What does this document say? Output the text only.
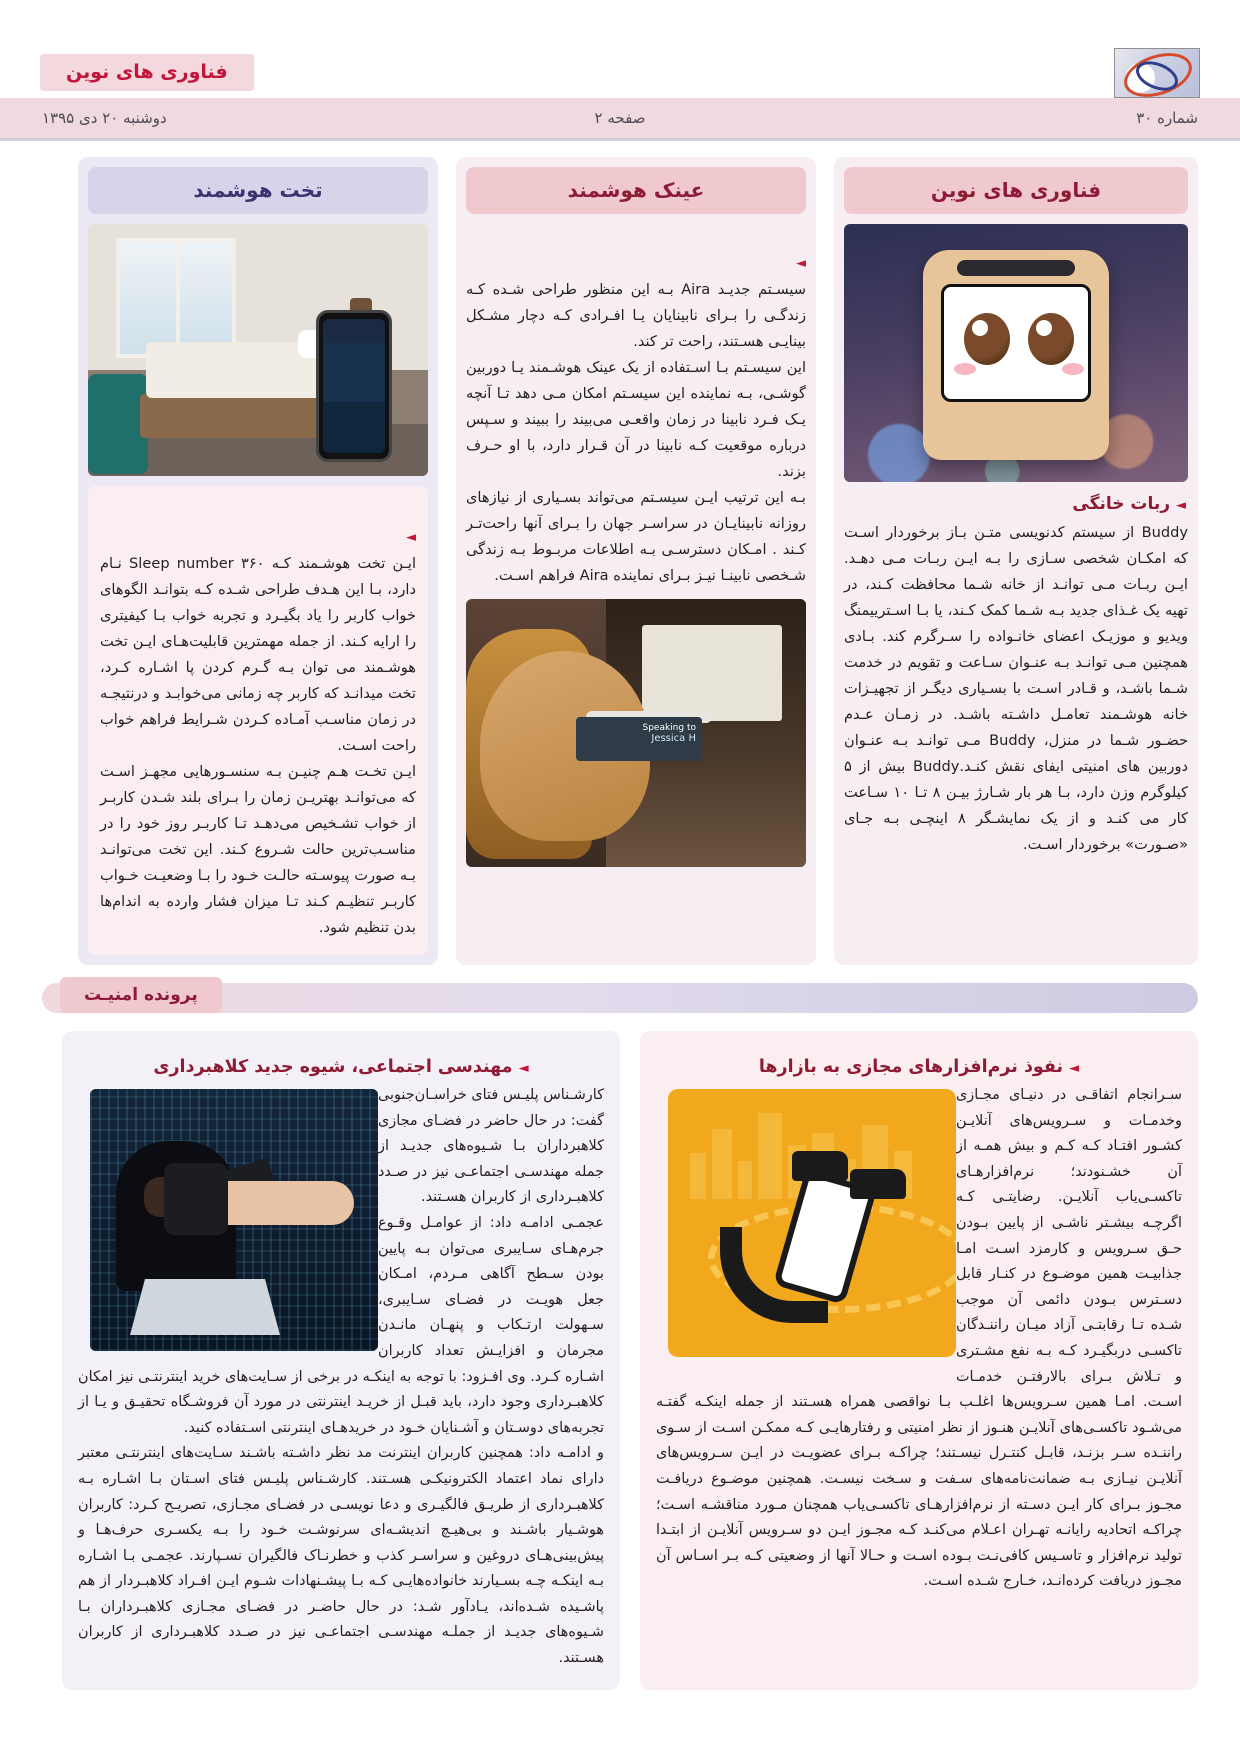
فناوری های نوین
دوشنبه ۲۰ دی ۱۳۹۵	صفحه ۲	شماره ۳۰
فناوری های نوین
◄ ربات خانگی
Buddy از سیستم کدنویسی متـن بـاز برخوردار اسـت که امکـان شخصی سـازی را بـه ایـن ربـات مـی دهـد. ایـن ربـات مـی توانـد از خانه شـما محافظت کـند، در تهیه یک غـذای جدید بـه شـما کمک کـند، یا بـا اسـترییمنگ ویدیو و موزیـک اعضای خانـواده را سـرگرم کند. بـادی همچنین مـی توانـد بـه عنـوان سـاعت و تقویم در خدمت شـما باشـد، و قـادر اسـت با بسـیاری دیگـر از تجهیـزات خانه هوشـمند تعامـل داشـته باشـد. در زمـان عـدم حضـور شـما در منزل، Buddy مـی توانـد بـه عنـوان دوربین های امنیتی ایفای نقش کنـد.Buddy بیش از ۵ کیلوگرم وزن دارد، بـا هر بار شـارژ بیـن ۸ تـا ۱۰ سـاعت کار می کنـد و از یک نمایشـگر ۸ اینچـی بـه جـای «صـورت» برخوردار اسـت.
عینک هوشمند

◄
سیسـتم جدیـد Aira بـه این منظور طراحی شـده کـه زندگـی را بـرای نابینایان یـا افـرادی کـه دچار مشـکل بینایـی هسـتند، راحت تر کند.
این سیسـتم بـا اسـتفاده از یک عینک هوشـمند یـا دوربین گوشـی، بـه نماینده این سیسـتم امکان مـی دهد تـا آنچه یـک فـرد نابینا در زمان واقعـی می‌بیند را ببیند و سـپس درباره موقعیت کـه نابینا در آن قـرار دارد، با او حـرف بزند.
بـه این ترتیب ایـن سیسـتم می‌تواند بسـیاری از نیازهای روزانه نابینایـان در سراسـر جهان را بـرای آنها راحت‌تـر کـند . امـکان دسترسـی بـه اطلاعات مربـوط بـه زندگی شـخصی نابینـا نیـز بـرای نماینده Aira فراهم اسـت.

Speaking to
Jessica H
تخت هوشمند

◄
ایـن تخت هوشـمند کـه Sleep number ۳۶۰ نـام دارد، بـا این هـدف طراحی شـده کـه بتوانـد الگوهای خواب کاربر را یاد بگیـرد و تجربه خواب بـا کیفیتری را ارایه کـند. از جمله مهمترین قابلیت‌هـای ایـن تخت هوشـمند می توان بـه گـرم کردن پا اشـاره کـرد، تخت میدانـد که کاربر چه زمانی می‌خوابـد و درنتیجـه در زمان مناسـب آمـاده کـردن شـرایط فراهم خواب راحت اسـت.
ایـن تخـت هـم چنیـن بـه سنسـورهایی مجهـز اسـت که می‌توانـد بهتریـن زمان را بـرای بلند شـدن کاربـر از خواب تشـخیص می‌دهـد تـا کاربـر روز خود را در مناسـب‌ترین حالت شـروع کـند. این تخت می‌توانـد بـه صورت پیوسـته حالـت خـود را بـا وضعیـت خـواب کاربـر تنظیـم کـند تـا میزان فشار وارده به اندام‌ها بدن تنظیم شود.

پرونده امنیـت
◄ نفوذ نرم‌افزارهای مجازی به بازارها
سـرانجام اتفاقـی در دنیـای مجـازی وخدمـات و سـرویس‌های آنلایـن کشـور افتـاد کـه کـم و بیش همـه از آن خشـنودند؛ نرم‌افزارهـای تاکسـی‌یاب آنلایـن. رضایتـی کـه اگرچـه بیشـتر ناشـی از پایین بـودن حـق سـرویس و کارمزد اسـت امـا جذابیـت همین موضـوع در کنـار قابل دسـترس بـودن دائمی آن موجب شـده تـا رقابتـی آزاد میـان راننـدگان تاکسـی دربگیـرد کـه بـه نفع مشـتری و تـلاش بـرای بالارفتـن خدمـات اسـت. امـا همین سـرویس‌ها اغلـب بـا نواقصی همراه هسـتند از جمله اینکـه گفتـه می‌شـود تاکسـی‌های آنلایـن هنـوز از نظر امنیتی و رفتارهایـی کـه ممکـن اسـت از سـوی راننـده سـر بزنـد، قابـل کنتـرل نیسـتند؛ چراکـه بـرای عضویـت در ایـن سـرویس‌های آنلایـن نیـازی بـه ضمانت‌نامه‌های سـفت و سـخت نیسـت. همچنین موضـوع دریافـت مجـوز بـرای کار ایـن دسـته از نرم‌افزارهـای تاکسـی‌یاب همچنان مـورد مناقشـه اسـت؛ چراکـه اتحادیه رایانـه تهـران اعـلام می‌کنـد کـه مجـوز ایـن دو سـرویس آنلایـن از ابتـدا تولید نرم‌افزار و تاسـیس کافی‌نـت بـوده اسـت و حـالا آنها از وضعیتی کـه بـر اسـاس آن مجـوز دریافت کرده‌انـد، خـارج شـده اسـت.
◄ مهندسی اجتماعی، شیوه جدید کلاهبرداری
کارشـناس پلیـس فتای خراسـان‌جنوبی گفت: در حال حاضر در فضـای مجازی کلاهبرداران بـا شـیوه‌های جدیـد از جمله مهندسـی اجتماعـی نیز در صـدد کلاهبـرداری از کاربران هسـتند.
عجمـی ادامـه داد: از عوامـل وقـوع جرم‌هـای سـایبری می‌توان بـه پایین بودن سـطح آگاهی مـردم، امـکان جعل هویـت در فضـای سـایبری، سـهولت ارتـکاب و پنهـان مانـدن مجرمان و افزایـش تعداد کاربران اشـاره کـرد. وی افـزود: با توجه به اینکـه در برخی از سـایت‌های خرید اینترنتـی نیز امکان کلاهبـرداری وجود دارد، باید قبـل از خریـد اینترنتی در مورد آن فروشـگاه تحقیـق و یـا از تجربه‌های دوسـتان و آشـنایان خـود در خریدهـای اینترنتی اسـتفاده کنید.
و ادامـه داد: همچنین کاربران اینترنت مد نظر داشـته باشـند سـایت‌های اینترنتـی معتبر دارای نماد اعتماد الکترونیکـی هسـتند. کارشـناس پلیـس فتای اسـتان بـا اشـاره بـه کلاهبـرداری از طریـق فالگیـری و دعا نویسـی در فضـای مجـازی، تصریـح کـرد: کاربران هوشـیار باشـند و بی‌هیـچ اندیشـه‌ای سرنوشـت خـود را بـه یکسـری حرف‌هـا و پیش‌بینی‌هـای دروغین و سراسـر کذب و خطرنـاک فالگیران نسـپارند. عجمـی بـا اشـاره بـه اینکـه چـه بسـیارند خانواده‌هایـی کـه بـا پیشـنهادات شـوم ایـن افـراد کلاهبـردار از هم پاشـیده شـده‌اند، یـادآور شـد: در حال حاضـر در فضـای مجـازی کلاهبـرداران بـا شـیوه‌های جدیـد از جملـه مهندسـی اجتماعـی نیز در صـدد کلاهبـرداری از کاربران هسـتند.
